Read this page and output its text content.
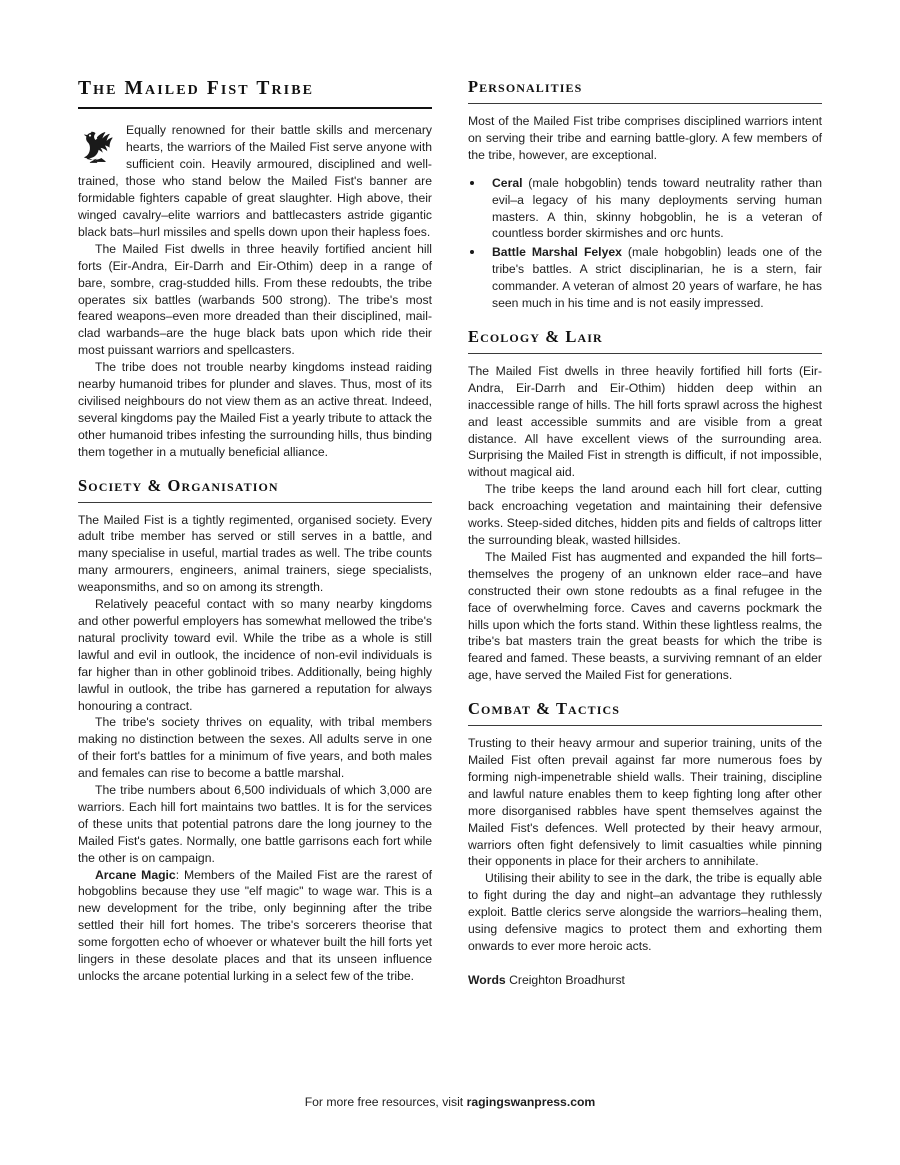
The Mailed Fist Tribe

Equally renowned for their battle skills and mercenary hearts, the warriors of the Mailed Fist serve anyone with sufficient coin. Heavily armoured, disciplined and well-trained, those who stand below the Mailed Fist's banner are formidable fighters capable of great slaughter. High above, their winged cavalry–elite warriors and battlecasters astride gigantic black bats–hurl missiles and spells down upon their hapless foes.

The Mailed Fist dwells in three heavily fortified ancient hill forts (Eir-Andra, Eir-Darrh and Eir-Othim) deep in a range of bare, sombre, crag-studded hills. From these redoubts, the tribe operates six battles (warbands 500 strong). The tribe's most feared weapons–even more dreaded than their disciplined, mail-clad warbands–are the huge black bats upon which ride their most puissant warriors and spellcasters.

The tribe does not trouble nearby kingdoms instead raiding nearby humanoid tribes for plunder and slaves. Thus, most of its civilised neighbours do not view them as an active threat. Indeed, several kingdoms pay the Mailed Fist a yearly tribute to attack the other humanoid tribes infesting the surrounding hills, thus binding them together in a mutually beneficial alliance.

Society & Organisation

The Mailed Fist is a tightly regimented, organised society. Every adult tribe member has served or still serves in a battle, and many specialise in useful, martial trades as well. The tribe counts many armourers, engineers, animal trainers, siege specialists, weaponsmiths, and so on among its strength.

Relatively peaceful contact with so many nearby kingdoms and other powerful employers has somewhat mellowed the tribe's natural proclivity toward evil. While the tribe as a whole is still lawful and evil in outlook, the incidence of non-evil individuals is far higher than in other goblinoid tribes. Additionally, being highly lawful in outlook, the tribe has garnered a reputation for always honouring a contract.

The tribe's society thrives on equality, with tribal members making no distinction between the sexes. All adults serve in one of their fort's battles for a minimum of five years, and both males and females can rise to become a battle marshal.

The tribe numbers about 6,500 individuals of which 3,000 are warriors. Each hill fort maintains two battles. It is for the services of these units that potential patrons dare the long journey to the Mailed Fist's gates. Normally, one battle garrisons each fort while the other is on campaign.

Arcane Magic: Members of the Mailed Fist are the rarest of hobgoblins because they use "elf magic" to wage war. This is a new development for the tribe, only beginning after the tribe settled their hill fort homes. The tribe's sorcerers theorise that some forgotten echo of whoever or whatever built the hill forts yet lingers in these desolate places and that its unseen influence unlocks the arcane potential lurking in a select few of the tribe.

Personalities

Most of the Mailed Fist tribe comprises disciplined warriors intent on serving their tribe and earning battle-glory. A few members of the tribe, however, are exceptional.

Ceral (male hobgoblin) tends toward neutrality rather than evil–a legacy of his many deployments serving human masters. A thin, skinny hobgoblin, he is a veteran of countless border skirmishes and orc hunts.
Battle Marshal Felyex (male hobgoblin) leads one of the tribe's battles. A strict disciplinarian, he is a stern, fair commander. A veteran of almost 20 years of warfare, he has seen much in his time and is not easily impressed.
Ecology & Lair

The Mailed Fist dwells in three heavily fortified hill forts (Eir-Andra, Eir-Darrh and Eir-Othim) hidden deep within an inaccessible range of hills. The hill forts sprawl across the highest and least accessible summits and are visible from a great distance. All have excellent views of the surrounding area. Surprising the Mailed Fist in strength is difficult, if not impossible, without magical aid.

The tribe keeps the land around each hill fort clear, cutting back encroaching vegetation and maintaining their defensive works. Steep-sided ditches, hidden pits and fields of caltrops litter the surrounding bleak, wasted hillsides.

The Mailed Fist has augmented and expanded the hill forts–themselves the progeny of an unknown elder race–and have constructed their own stone redoubts as a final refugee in the face of overwhelming force. Caves and caverns pockmark the hills upon which the forts stand. Within these lightless realms, the tribe's bat masters train the great beasts for which the tribe is feared and famed. These beasts, a surviving remnant of an elder age, have served the Mailed Fist for generations.

Combat & Tactics

Trusting to their heavy armour and superior training, units of the Mailed Fist often prevail against far more numerous foes by forming nigh-impenetrable shield walls. Their training, discipline and lawful nature enables them to keep fighting long after other more disorganised rabbles have spent themselves against the Mailed Fist's defences. Well protected by their heavy armour, warriors often fight defensively to limit casualties while pinning their opponents in place for their archers to annihilate.

Utilising their ability to see in the dark, the tribe is equally able to fight during the day and night–an advantage they ruthlessly exploit. Battle clerics serve alongside the warriors–healing them, using defensive magics to protect them and exhorting them onwards to ever more heroic acts.

Words Creighton Broadhurst

For more free resources, visit ragingswanpress.com
